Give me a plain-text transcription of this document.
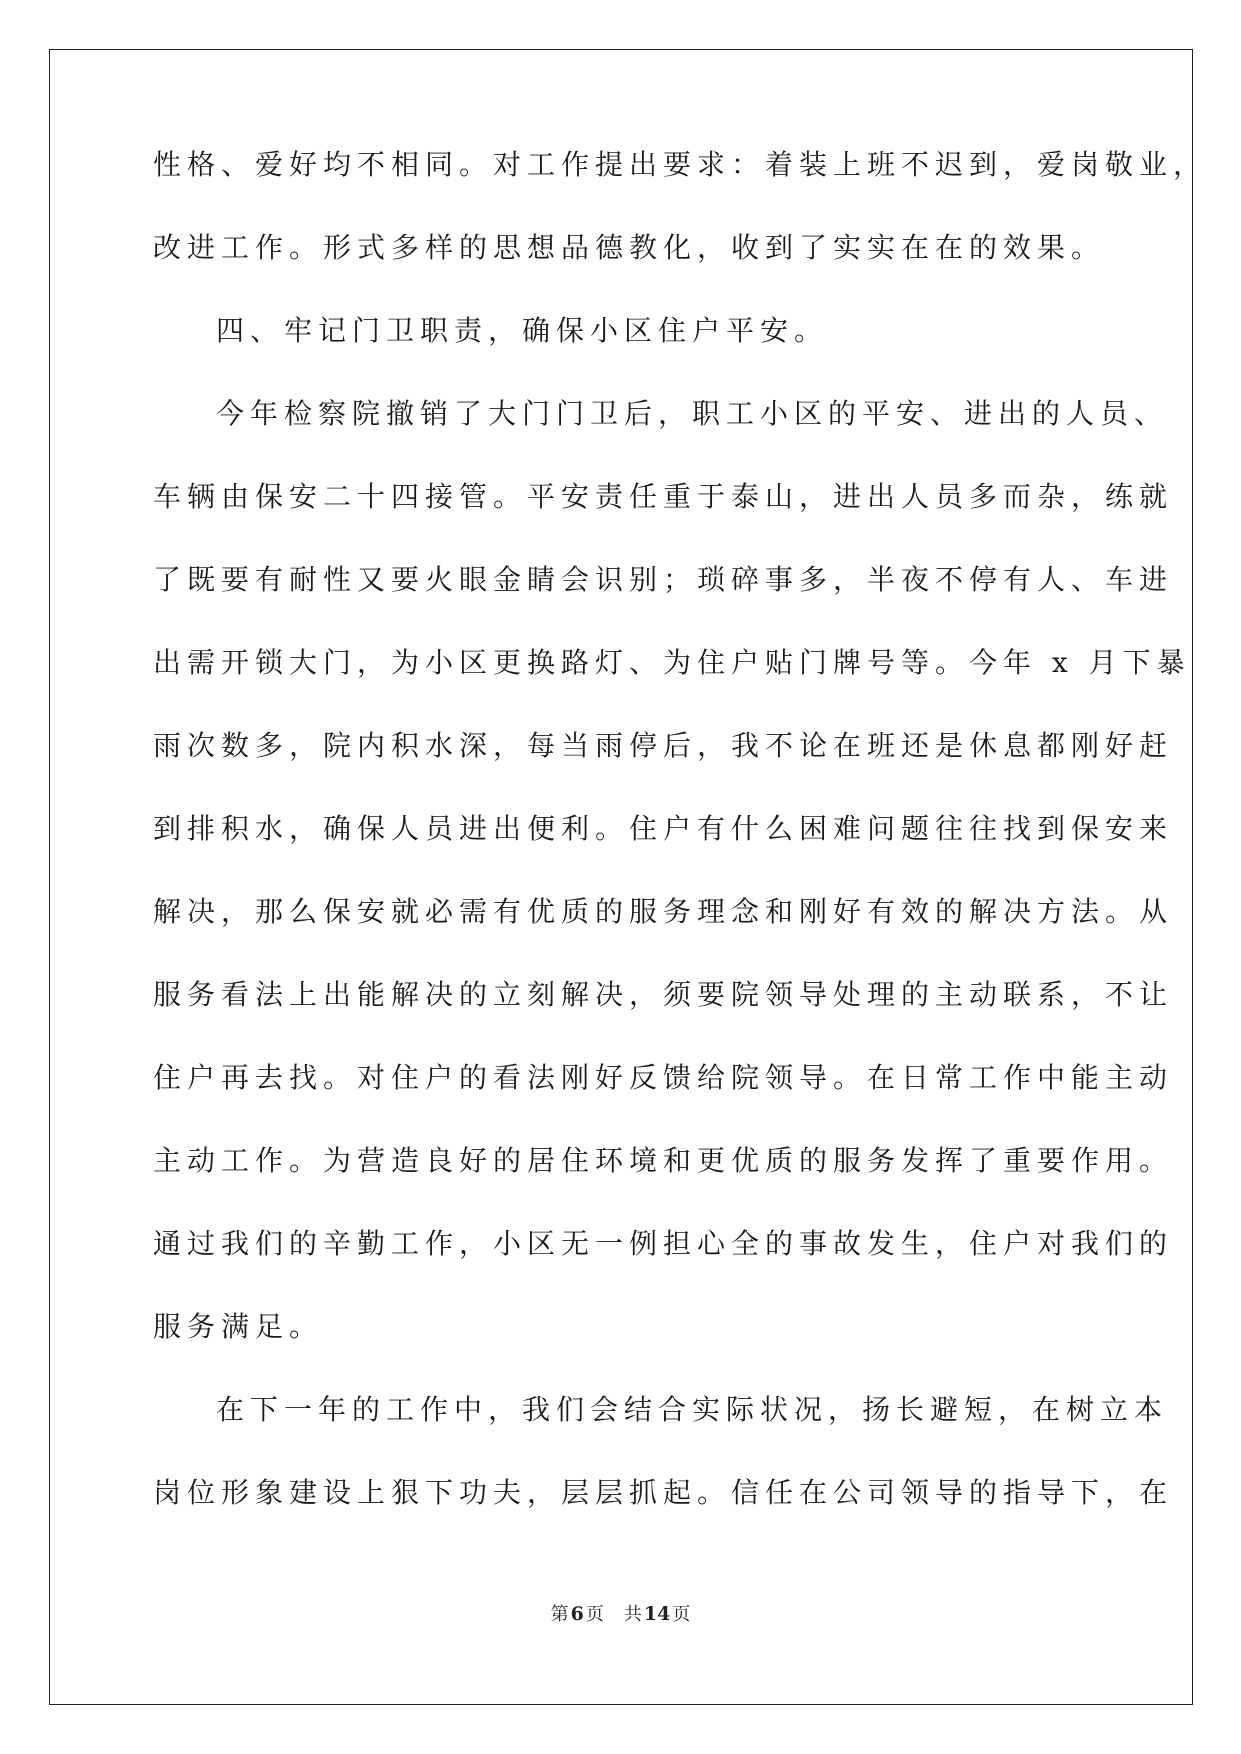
性格、爱好均不相同。对工作提出要求：着装上班不迟到，爱岗敬业，
改进工作。形式多样的思想品德教化，收到了实实在在的效果。
四、牢记门卫职责，确保小区住户平安。
今年检察院撤销了大门门卫后，职工小区的平安、进出的人员、
车辆由保安二十四接管。平安责任重于泰山，进出人员多而杂，练就
了既要有耐性又要火眼金睛会识别；琐碎事多，半夜不停有人、车进
出需开锁大门，为小区更换路灯、为住户贴门牌号等。今年 x 月下暴
雨次数多，院内积水深，每当雨停后，我不论在班还是休息都刚好赶
到排积水，确保人员进出便利。住户有什么困难问题往往找到保安来
解决，那么保安就必需有优质的服务理念和刚好有效的解决方法。从
服务看法上出能解决的立刻解决，须要院领导处理的主动联系，不让
住户再去找。对住户的看法刚好反馈给院领导。在日常工作中能主动
主动工作。为营造良好的居住环境和更优质的服务发挥了重要作用。
通过我们的辛勤工作，小区无一例担心全的事故发生，住户对我们的
服务满足。
在下一年的工作中，我们会结合实际状况，扬长避短，在树立本
岗位形象建设上狠下功夫，层层抓起。信任在公司领导的指导下，在
第 6 页 共 14 页
